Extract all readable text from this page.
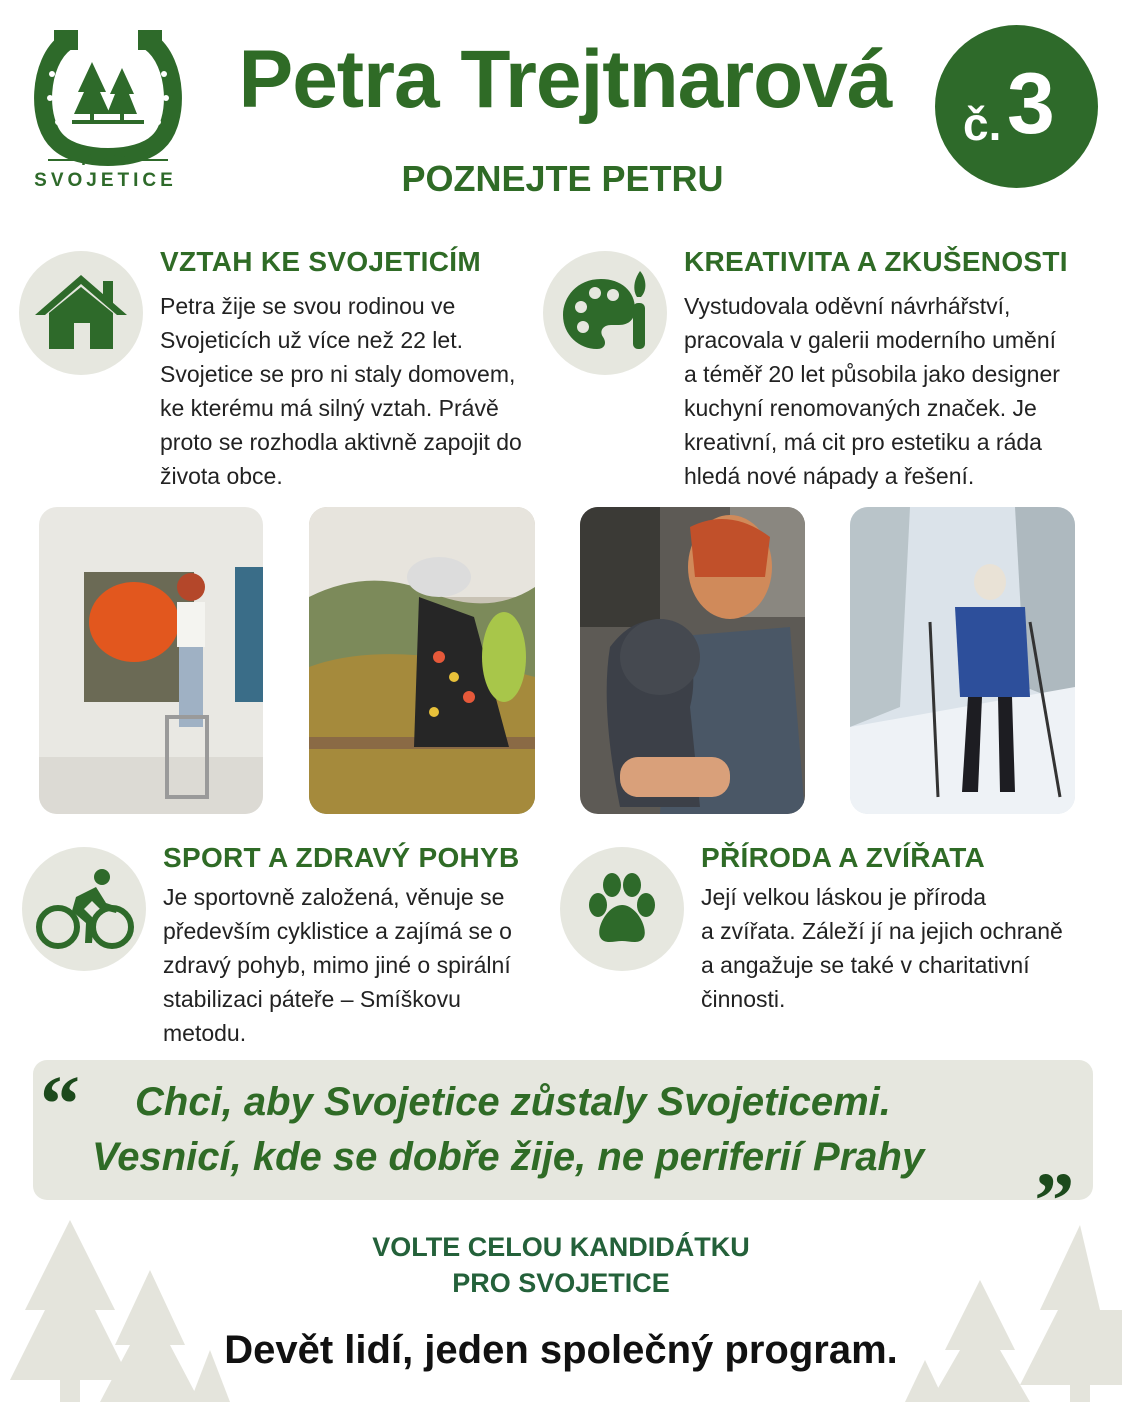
PRO
SVOJETICE
Petra Trejtnarová
POZNEJTE PETRU
č. 3
VZTAH KE SVOJETICÍM
Petra žije se svou rodinou ve
Svojeticích už více než 22 let.
Svojetice se pro ni staly domovem,
ke kterému má silný vztah. Právě
proto se rozhodla aktivně zapojit do
života obce.
KREATIVITA A ZKUŠENOSTI
Vystudovala oděvní návrhářství,
pracovala v galerii moderního umění
a téměř 20 let působila jako designer
kuchyní renomovaných značek. Je
kreativní, má cit pro estetiku a ráda
hledá nové nápady a řešení.
SPORT A ZDRAVÝ POHYB
Je sportovně založená, věnuje se
především cyklistice a zajímá se o
zdravý pohyb, mimo jiné o spirální
stabilizaci páteře – Smíškovu
metodu.
PŘÍRODA A ZVÍŘATA
Její velkou láskou je příroda
a zvířata. Záleží jí na jejich ochraně
a angažuje se také v charitativní
činnosti.
“ Chci, aby Svojetice zůstaly Svojeticemi.
Vesnicí, kde se dobře žije, ne periferií Prahy „
VOLTE CELOU KANDIDÁTKU
PRO SVOJETICE
Devět lidí, jeden společný program.
